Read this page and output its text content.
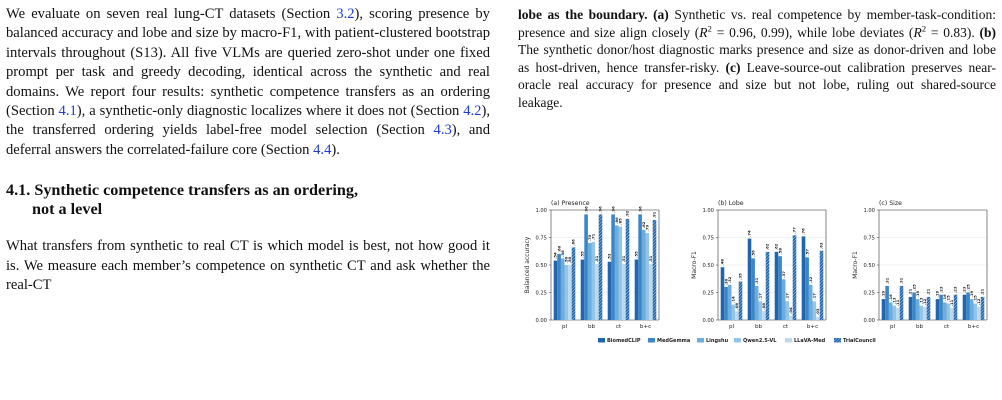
We evaluate on seven real lung-CT datasets (Section 3.2), scoring presence by balanced accuracy and lobe and size by macro-F1, with patient-clustered bootstrap intervals throughout (S13). All five VLMs are queried zero-shot under one fixed prompt per task and greedy decoding, identical across the synthetic and real domains. We report four results: synthetic competence transfers as an ordering (Section 4.1), a synthetic-only diagnostic localizes where it does not (Section 4.2), the transferred ordering yields label-free model selection (Section 4.3), and deferral answers the correlated-failure core (Section 4.4).

4.1. Synthetic competence transfers as an ordering,
not a level

What transfers from synthetic to real CT is which model is best, not how good it is. We measure each member’s competence on synthetic CT and ask whether the real-CT

lobe as the boundary. (a) Synthetic vs. real competence by member-task-condition: presence and size align closely ($R^2 = 0.96$, 0.99), while lobe deviates $(R^2 = 0.83)$. (b) The synthetic donor/host diagnostic marks presence and size as donor-driven and lobe as host-driven, hence transfer-risky. (c) Leave-source-out calibration preserves near-oracle real accuracy for presence and size but not lobe, ruling out shared-source leakage.

(a) Presence
Balanced accuracy
0.00
0.25
0.50
0.75
1.00
.54
.60
.56
.50
.50
.66
pl
.55
.96
.70
.71
.51
.96
bb
.53
.96
.86
.85
.51
.92
ct
.55
.96
.82
.79
.51
.91
b+c
(b) Lobe
Macro-F1
0.00
0.25
0.50
0.75
1.00
.48
.30
.32
.14
.08
.35
pl
.74
.56
.31
.17
.08
.62
bb
.62
.58
.37
.17
.04
.77
ct
.76
.57
.32
.17
.03
.63
b+c
(c) Size
Macro-F1
0.00
0.25
0.50
0.75
1.00
.19
.31
.16
.13
.11
.31
pl
.21
.25
.19
.13
.12
.21
bb
.19
.23
.16
.15
.11
.23
ct
.23
.25
.19
.15
.12
.21
b+c
BiomedCLIP	MedGemma	Lingshu	Qwen2.5-VL	LLaVA-Med	TrialCouncil
